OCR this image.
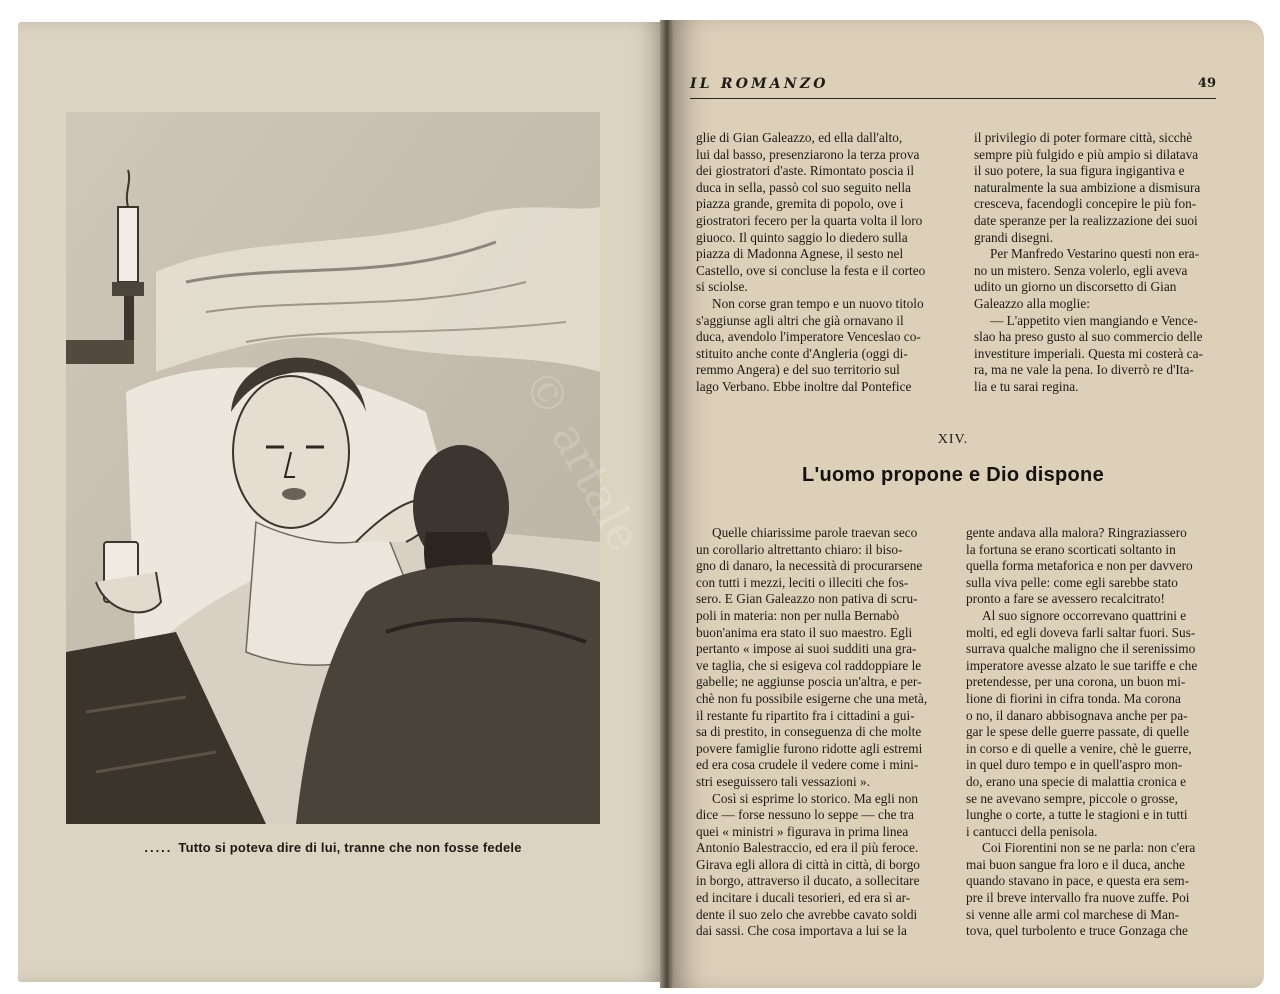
..... Tutto si poteva dire di lui, tranne che non fosse fedele
IL ROMANZO	49
glie di Gian Galeazzo, ed ella dall'alto,
lui dal basso, presenziarono la terza prova
dei giostratori d'aste. Rimontato poscia il
duca in sella, passò col suo seguito nella
piazza grande, gremita di popolo, ove i
giostratori fecero per la quarta volta il loro
giuoco. Il quinto saggio lo diedero sulla
piazza di Madonna Agnese, il sesto nel
Castello, ove si concluse la festa e il corteo
si sciolse.
Non corse gran tempo e un nuovo titolo
s'aggiunse agli altri che già ornavano il
duca, avendolo l'imperatore Venceslao co-
stituito anche conte d'Angleria (oggi di-
remmo Angera) e del suo territorio sul
lago Verbano. Ebbe inoltre dal Pontefice
il privilegio di poter formare città, sicchè
sempre più fulgido e più ampio si dilatava
il suo potere, la sua figura ingigantiva e
naturalmente la sua ambizione a dismisura
cresceva, facendogli concepire le più fon-
date speranze per la realizzazione dei suoi
grandi disegni.
Per Manfredo Vestarino questi non era-
no un mistero. Senza volerlo, egli aveva
udito un giorno un discorsetto di Gian
Galeazzo alla moglie:
— L'appetito vien mangiando e Vence-
slao ha preso gusto al suo commercio delle
investiture imperiali. Questa mi costerà ca-
ra, ma ne vale la pena. Io diverrò re d'Ita-
lia e tu sarai regina.
XIV.
L'uomo propone e Dio dispone
Quelle chiarissime parole traevan seco
un corollario altrettanto chiaro: il biso-
gno di danaro, la necessità di procurarsene
con tutti i mezzi, leciti o illeciti che fos-
sero. E Gian Galeazzo non pativa di scru-
poli in materia: non per nulla Bernabò
buon'anima era stato il suo maestro. Egli
pertanto « impose ai suoi sudditi una gra-
ve taglia, che si esigeva col raddoppiare le
gabelle; ne aggiunse poscia un'altra, e per-
chè non fu possibile esigerne che una metà,
il restante fu ripartito fra i cittadini a gui-
sa di prestito, in conseguenza di che molte
povere famiglie furono ridotte agli estremi
ed era cosa crudele il vedere come i mini-
stri eseguissero tali vessazioni ».
Così si esprime lo storico. Ma egli non
dice — forse nessuno lo seppe — che tra
quei « ministri » figurava in prima linea
Antonio Balestraccio, ed era il più feroce.
Girava egli allora di città in città, di borgo
in borgo, attraverso il ducato, a sollecitare
ed incitare i ducali tesorieri, ed era sì ar-
dente il suo zelo che avrebbe cavato soldi
dai sassi. Che cosa importava a lui se la
gente andava alla malora? Ringraziassero
la fortuna se erano scorticati soltanto in
quella forma metaforica e non per davvero
sulla viva pelle: come egli sarebbe stato
pronto a fare se avessero recalcitrato!
Al suo signore occorrevano quattrini e
molti, ed egli doveva farli saltar fuori. Sus-
surrava qualche maligno che il serenissimo
imperatore avesse alzato le sue tariffe e che
pretendesse, per una corona, un buon mi-
lione di fiorini in cifra tonda. Ma corona
o no, il danaro abbisognava anche per pa-
gar le spese delle guerre passate, di quelle
in corso e di quelle a venire, chè le guerre,
in quel duro tempo e in quell'aspro mon-
do, erano una specie di malattia cronica e
se ne avevano sempre, piccole o grosse,
lunghe o corte, a tutte le stagioni e in tutti
i cantucci della penisola.
Coi Fiorentini non se ne parla: non c'era
mai buon sangue fra loro e il duca, anche
quando stavano in pace, e questa era sem-
pre il breve intervallo fra nuove zuffe. Poi
si venne alle armi col marchese di Man-
tova, quel turbolento e truce Gonzaga che
